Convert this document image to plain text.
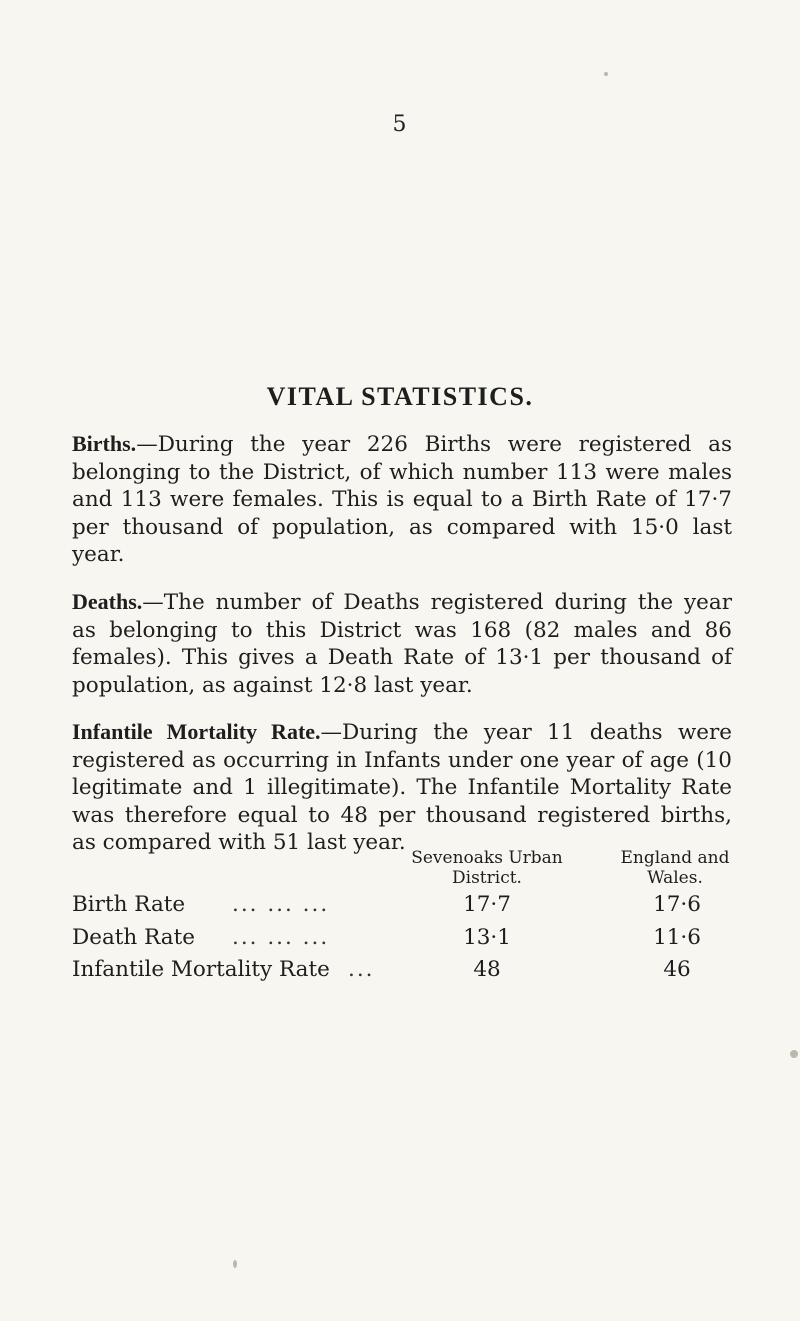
5
VITAL STATISTICS.
Births.—During the year 226 Births were registered as belonging to the District, of which number 113 were males and 113 were females. This is equal to a Birth Rate of 17·7 per thousand of population, as compared with 15·0 last year.
Deaths.—The number of Deaths registered during the year as belonging to this District was 168 (82 males and 86 females). This gives a Death Rate of 13·1 per thousand of population, as against 12·8 last year.
Infantile Mortality Rate.—During the year 11 deaths were registered as occurring in Infants under one year of age (10 legitimate and 1 illegitimate). The Infantile Mortality Rate was therefore equal to 48 per thousand registered births, as compared with 51 last year.
Sevenoaks Urban
District.
England and
Wales.
Birth Rate ... ... ...	17·7	17·6
Death Rate ... ... ...	13·1	11·6
Infantile Mortality Rate ...	48	46
